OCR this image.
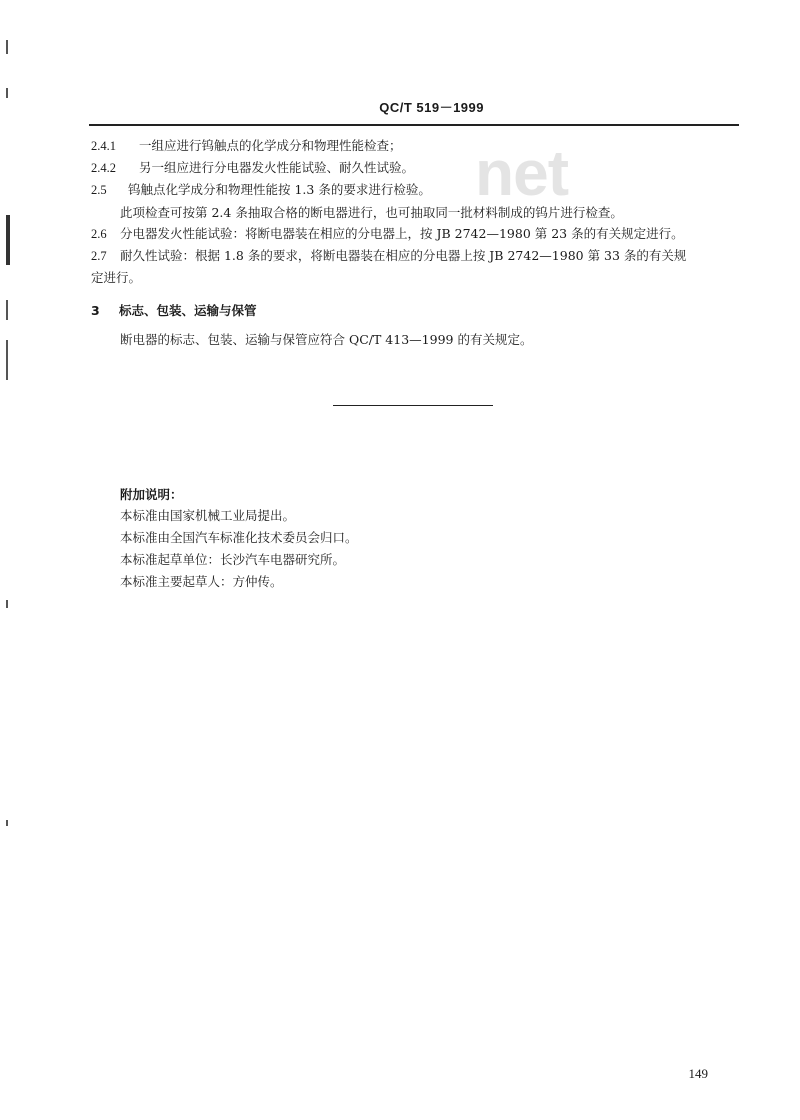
QC/T 519－1999
net
2.4.1 一组应进行钨触点的化学成分和物理性能检查；
2.4.2 另一组应进行分电器发火性能试验、耐久性试验。
2.5 钨触点化学成分和物理性能按 1.3 条的要求进行检验。
此项检查可按第 2.4 条抽取合格的断电器进行，也可抽取同一批材料制成的钨片进行检查。
2.6 分电器发火性能试验：将断电器装在相应的分电器上，按 JB 2742—1980 第 23 条的有关规定进行。
2.7 耐久性试验：根据 1.8 条的要求，将断电器装在相应的分电器上按 JB 2742—1980 第 33 条的有关规
定进行。
3 标志、包装、运输与保管
断电器的标志、包装、运输与保管应符合 QC/T 413—1999 的有关规定。
附加说明：
本标准由国家机械工业局提出。
本标准由全国汽车标准化技术委员会归口。
本标准起草单位：长沙汽车电器研究所。
本标准主要起草人：方仲传。
149
